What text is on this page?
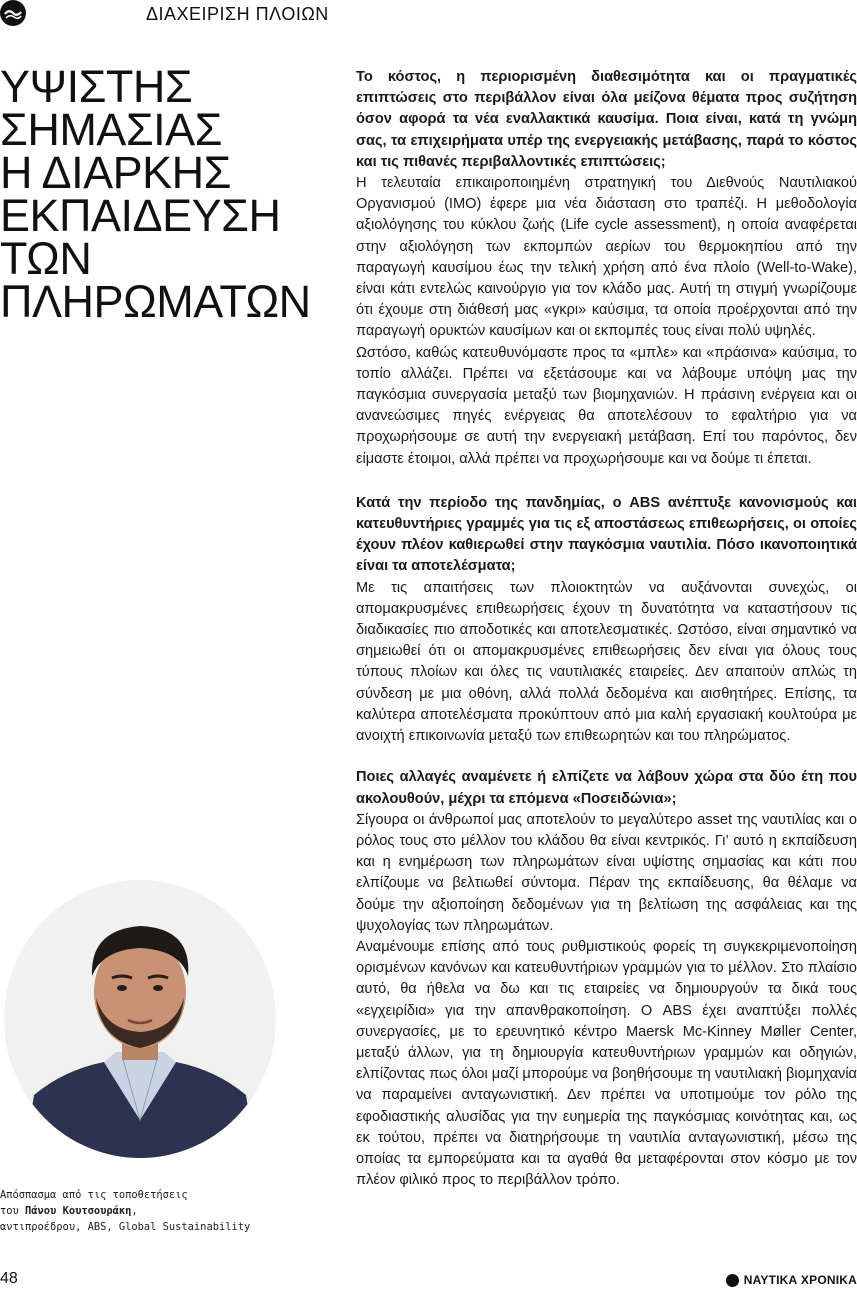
ΔΙΑΧΕΙΡΙΣΗ ΠΛΟΙΩΝ
ΥΨΙΣΤΗΣ
ΣΗΜΑΣΙΑΣ
Η ΔΙΑΡΚΗΣ
ΕΚΠΑΙΔΕΥΣΗ
ΤΩΝ
ΠΛΗΡΩΜΑΤΩΝ

Το κόστος, η περιορισμένη διαθεσιμότητα και οι πραγματικές επιπτώσεις στο περιβάλλον είναι όλα μείζονα θέματα προς συζήτηση όσον αφορά τα νέα εναλλακτικά καυσίμα. Ποια είναι, κατά τη γνώμη σας, τα επιχειρήματα υπέρ της ενεργειακής μετάβασης, παρά το κόστος και τις πιθανές περιβαλλοντικές επιπτώσεις;

Η τελευταία επικαιροποιημένη στρατηγική του Διεθνούς Ναυτιλιακού Οργανισμού (IMO) έφερε μια νέα διάσταση στο τραπέζι. Η μεθοδολογία αξιολόγησης του κύκλου ζωής (Life cycle assessment), η οποία αναφέρεται στην αξιολόγηση των εκπομπών αερίων του θερμοκηπίου από την παραγωγή καυσίμου έως την τελική χρήση από ένα πλοίο (Well-to-Wake), είναι κάτι εντελώς καινούργιο για τον κλάδο μας. Αυτή τη στιγμή γνωρίζουμε ότι έχουμε στη διάθεσή μας «γκρι» καύσιμα, τα οποία προέρχονται από την παραγωγή ορυκτών καυσίμων και οι εκπομπές τους είναι πολύ υψηλές.

Ωστόσο, καθώς κατευθυνόμαστε προς τα «μπλε» και «πράσινα» καύσιμα, το τοπίο αλλάζει. Πρέπει να εξετάσουμε και να λάβουμε υπόψη μας την παγκόσμια συνεργασία μεταξύ των βιομηχανιών. Η πράσινη ενέργεια και οι ανανεώσιμες πηγές ενέργειας θα αποτελέσουν το εφαλτήριο για να προχωρήσουμε σε αυτή την ενεργειακή μετάβαση. Επί του παρόντος, δεν είμαστε έτοιμοι, αλλά πρέπει να προχωρήσουμε και να δούμε τι έπεται.

Κατά την περίοδο της πανδημίας, ο ABS ανέπτυξε κανονισμούς και κατευθυντήριες γραμμές για τις εξ αποστάσεως επιθεωρήσεις, οι οποίες έχουν πλέον καθιερωθεί στην παγκόσμια ναυτιλία. Πόσο ικανοποιητικά είναι τα αποτελέσματα;

Με τις απαιτήσεις των πλοιοκτητών να αυξάνονται συνεχώς, οι απομακρυσμένες επιθεωρήσεις έχουν τη δυνατότητα να καταστήσουν τις διαδικασίες πιο αποδοτικές και αποτελεσματικές. Ωστόσο, είναι σημαντικό να σημειωθεί ότι οι απομακρυσμένες επιθεωρήσεις δεν είναι για όλους τους τύπους πλοίων και όλες τις ναυτιλιακές εταιρείες. Δεν απαιτούν απλώς τη σύνδεση με μια οθόνη, αλλά πολλά δεδομένα και αισθητήρες. Επίσης, τα καλύτερα αποτελέσματα προκύπτουν από μια καλή εργασιακή κουλτούρα με ανοιχτή επικοινωνία μεταξύ των επιθεωρητών και του πληρώματος.

Ποιες αλλαγές αναμένετε ή ελπίζετε να λάβουν χώρα στα δύο έτη που ακολουθούν, μέχρι τα επόμενα «Ποσειδώνια»;

Σίγουρα οι άνθρωποί μας αποτελούν το μεγαλύτερο asset της ναυτιλίας και ο ρόλος τους στο μέλλον του κλάδου θα είναι κεντρικός. Γι’ αυτό η εκπαίδευση και η ενημέρωση των πληρωμάτων είναι υψίστης σημασίας και κάτι που ελπίζουμε να βελτιωθεί σύντομα. Πέραν της εκπαίδευσης, θα θέλαμε να δούμε την αξιοποίηση δεδομένων για τη βελτίωση της ασφάλειας και της ψυχολογίας των πληρωμάτων.

Αναμένουμε επίσης από τους ρυθμιστικούς φορείς τη συγκεκριμενοποίηση ορισμένων κανόνων και κατευθυντήριων γραμμών για το μέλλον. Στο πλαίσιο αυτό, θα ήθελα να δω και τις εταιρείες να δημιουργούν τα δικά τους «εγχειρίδια» για την απανθρακοποίηση. Ο ABS έχει αναπτύξει πολλές συνεργασίες, με το ερευνητικό κέντρο Maersk Mc-Kinney Møller Center, μεταξύ άλλων, για τη δημιουργία κατευθυντήριων γραμμών και οδηγιών, ελπίζοντας πως όλοι μαζί μπορούμε να βοηθήσουμε τη ναυτιλιακή βιομηχανία να παραμείνει ανταγωνιστική. Δεν πρέπει να υποτιμούμε τον ρόλο της εφοδιαστικής αλυσίδας για την ευημερία της παγκόσμιας κοινότητας και, ως εκ τούτου, πρέπει να διατηρήσουμε τη ναυτιλία ανταγωνιστική, μέσω της οποίας τα εμπορεύματα και τα αγαθά θα μεταφέρονται στον κόσμο με τον πλέον φιλικό προς το περιβάλλον τρόπο.

Απόσπασμα από τις τοποθετήσεις
του Πάνου Κουτσουράκη,
αντιπροέδρου, ABS, Global Sustainability
48	ΝΑΥΤΙΚΑ ΧΡΟΝΙΚΑ
